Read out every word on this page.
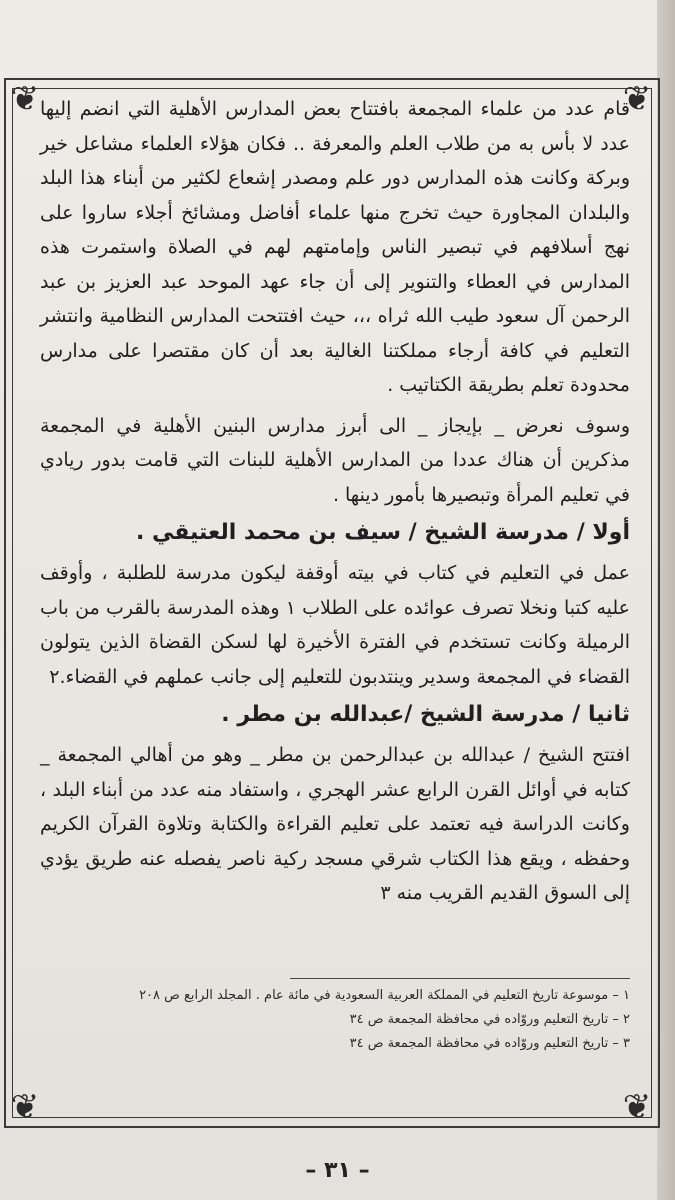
❦	❦
❦	❦

قام عدد من علماء المجمعة بافتتاح بعض المدارس الأهلية التي انضم إليها عدد لا بأس به من طلاب العلم والمعرفة .. فكان هؤلاء العلماء مشاعل خير وبركة وكانت هذه المدارس دور علم ومصدر إشعاع لكثير من أبناء هذا البلد والبلدان المجاورة حيث تخرج منها علماء أفاضل ومشائخ أجلاء ساروا على نهج أسلافهم في تبصير الناس وإمامتهم لهم في الصلاة واستمرت هذه المدارس في العطاء والتنوير إلى أن جاء عهد الموحد عبد العزيز بن عبد الرحمن آل سعود طيب الله ثراه ،،، حيث افتتحت المدارس النظامية وانتشر التعليم في كافة أرجاء مملكتنا الغالية بعد أن كان مقتصرا على مدارس محدودة تعلم بطريقة الكتاتيب .

وسوف نعرض _ بإيجاز _ الى أبرز مدارس البنين الأهلية في المجمعة مذكرين أن هناك عددا من المدارس الأهلية للبنات التي قامت بدور ريادي في تعليم المرأة وتبصيرها بأمور دينها .

أولا / مدرسة الشيخ / سيف بن محمد العتيقي .

عمل في التعليم في كتاب في بيته أوقفة ليكون مدرسة للطلبة ، وأوقف عليه كتبا ونخلا تصرف عوائده على الطلاب ١ وهذه المدرسة بالقرب من باب الرميلة وكانت تستخدم في الفترة الأخيرة لها لسكن القضاة الذين يتولون القضاء في المجمعة وسدير وينتدبون للتعليم إلى جانب عملهم في القضاء.٢

ثانيا / مدرسة الشيخ /عبدالله بن مطر .

افتتح الشيخ / عبدالله بن عبدالرحمن بن مطر _ وهو من أهالي المجمعة _ كتابه في أوائل القرن الرابع عشر الهجري ، واستفاد منه عدد من أبناء البلد ، وكانت الدراسة فيه تعتمد على تعليم القراءة والكتابة وتلاوة القرآن الكريم وحفظه ، ويقع هذا الكتاب شرقي مسجد ركية ناصر يفصله عنه طريق يؤدي إلى السوق القديم القريب منه ٣

١ – موسوعة تاريخ التعليم في المملكة العربية السعودية في مائة عام . المجلد الرابع ص ٢٠٨

٢ – تاريخ التعليم وروّاده في محافظة المجمعة ص ٣٤

٣ – تاريخ التعليم وروّاده في محافظة المجمعة ص ٣٤

– ٣١ –
